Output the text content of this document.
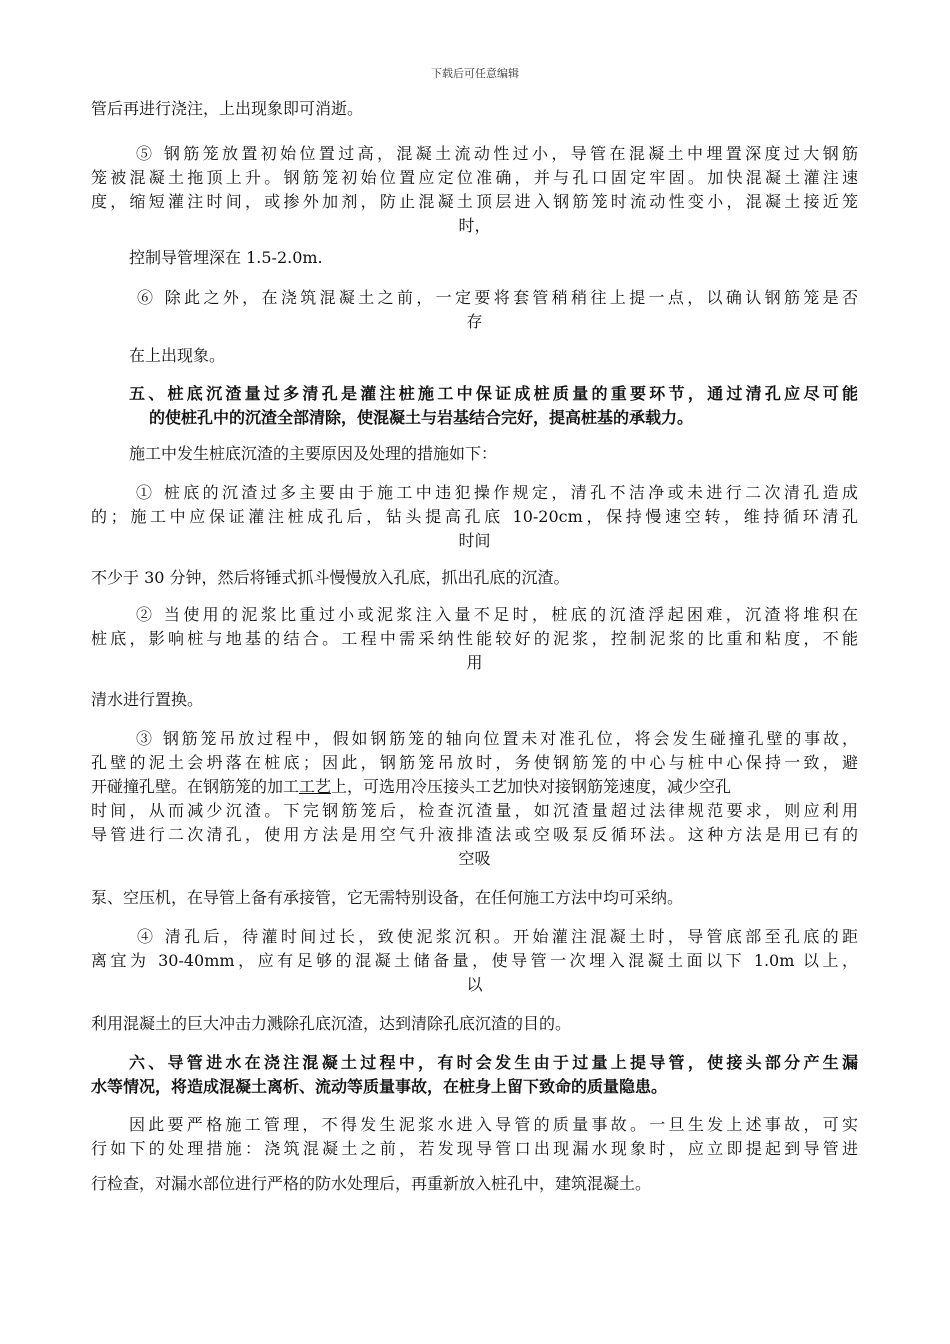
下载后可任意编辑
管后再进行浇注，上出现象即可消逝。
⑤ 钢筋笼放置初始位置过高，混凝土流动性过小，导管在混凝土中埋置深度过大钢筋
笼被混凝土拖顶上升。钢筋笼初始位置应定位准确，并与孔口固定牢固。加快混凝土灌注速
度，缩短灌注时间，或掺外加剂，防止混凝土顶层进入钢筋笼时流动性变小，混凝土接近笼
时，
控制导管埋深在 1.5-2.0m.
⑥ 除此之外，在浇筑混凝土之前，一定要将套管稍稍往上提一点，以确认钢筋笼是否
存
在上出现象。
五、桩底沉渣量过多清孔是灌注桩施工中保证成桩质量的重要环节，通过清孔应尽可能
的使桩孔中的沉渣全部清除，使混凝土与岩基结合完好，提高桩基的承载力。
施工中发生桩底沉渣的主要原因及处理的措施如下：
① 桩底的沉渣过多主要由于施工中违犯操作规定，清孔不洁净或未进行二次清孔造成
的；施工中应保证灌注桩成孔后，钻头提高孔底 10-20cm，保持慢速空转，维持循环清孔
时间
不少于 30 分钟，然后将锤式抓斗慢慢放入孔底，抓出孔底的沉渣。
② 当使用的泥浆比重过小或泥浆注入量不足时，桩底的沉渣浮起困难，沉渣将堆积在
桩底，影响桩与地基的结合。工程中需采纳性能较好的泥浆，控制泥浆的比重和粘度，不能
用
清水进行置换。
③ 钢筋笼吊放过程中，假如钢筋笼的轴向位置未对准孔位，将会发生碰撞孔壁的事故，
孔壁的泥土会坍落在桩底；因此，钢筋笼吊放时，务使钢筋笼的中心与桩中心保持一致，避
开碰撞孔壁。在钢筋笼的加工 工艺 上，可选用冷压接头工艺加快对接钢筋笼速度，减少空孔
时间，从而减少沉渣。下完钢筋笼后，检查沉渣量，如沉渣量超过法律规范要求，则应利用
导管进行二次清孔，使用方法是用空气升液排渣法或空吸泵反循环法。这种方法是用已有的
空吸
泵、空压机，在导管上备有承接管，它无需特别设备，在任何施工方法中均可采纳。
④ 清孔后，待灌时间过长，致使泥浆沉积。开始灌注混凝土时，导管底部至孔底的距
离宜为 30-40mm，应有足够的混凝土储备量，使导管一次埋入混凝土面以下 1.0m 以上，
以
利用混凝土的巨大冲击力溅除孔底沉渣，达到清除孔底沉渣的目的。
六、导管进水在浇注混凝土过程中，有时会发生由于过量上提导管，使接头部分产生漏
水等情况，将造成混凝土离析、流动等质量事故，在桩身上留下致命的质量隐患。
因此要严格施工管理，不得发生泥浆水进入导管的质量事故。一旦生发上述事故，可实
行如下的处理措施：浇筑混凝土之前，若发现导管口出现漏水现象时，应立即提起到导管进
行检查，对漏水部位进行严格的防水处理后，再重新放入桩孔中，建筑混凝土。
